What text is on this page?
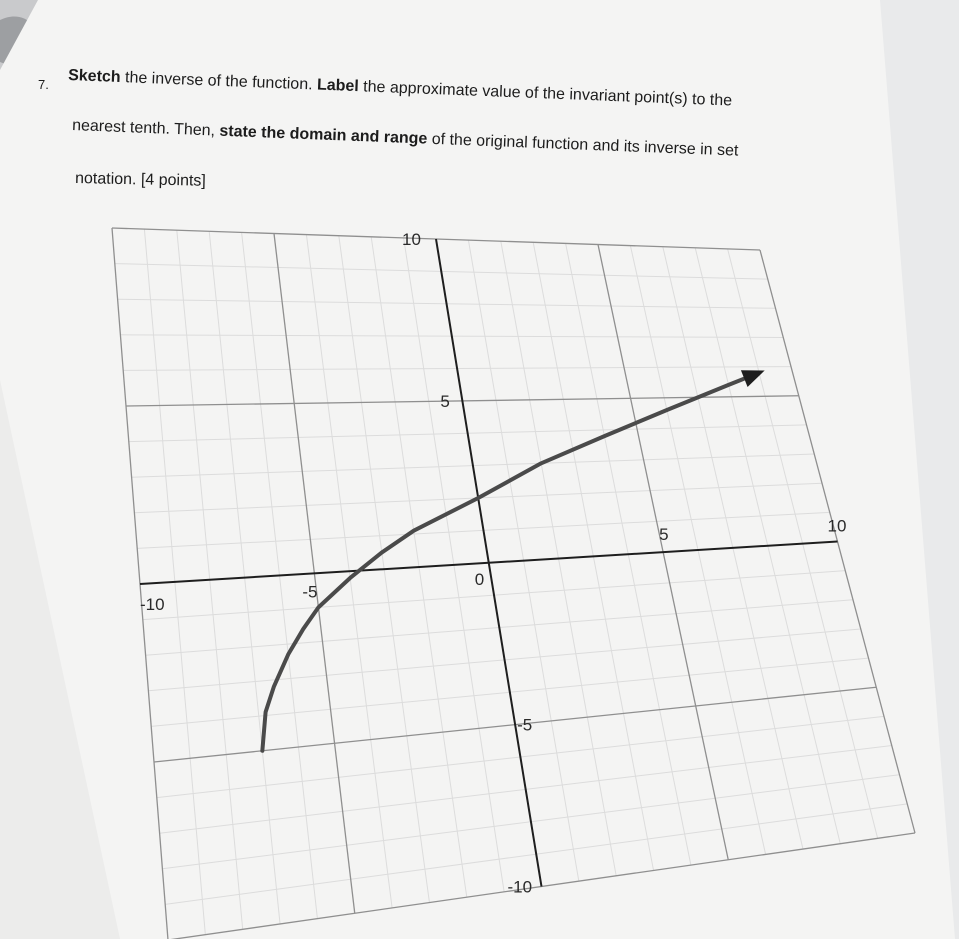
7. Sketch the inverse of the function. Label the approximate value of the invariant point(s) to the
nearest tenth. Then, state the domain and range of the original function and its inverse in set
notation. [4 points]
-10
-5
5	10
10
5
-5
-10
0
